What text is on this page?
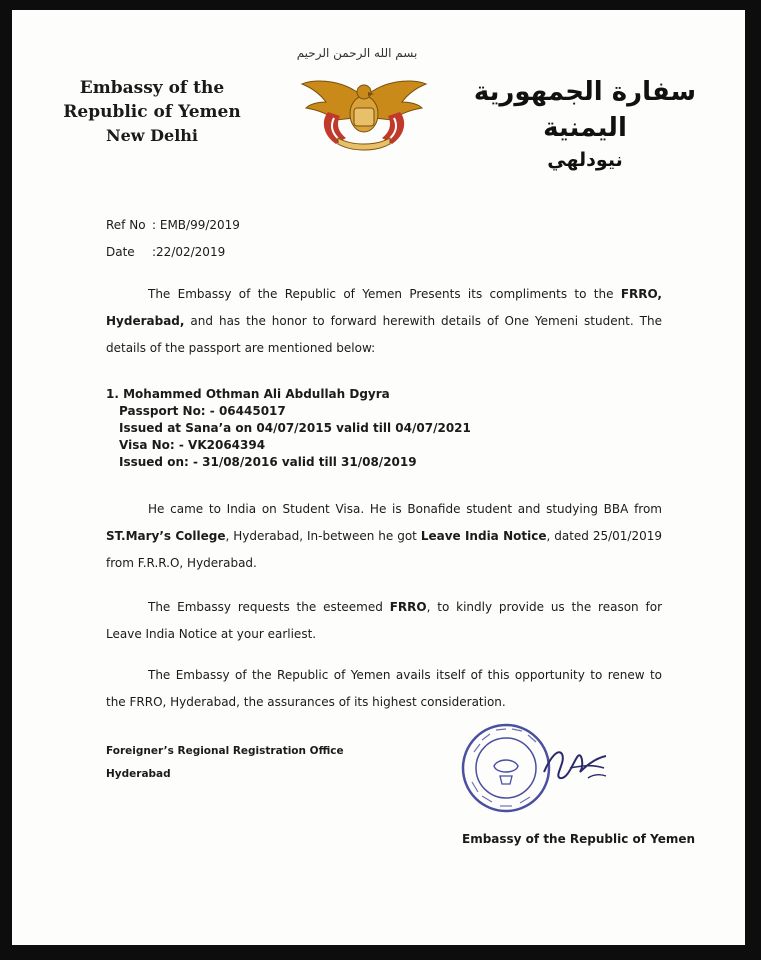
Embassy of the
Republic of Yemen
New Delhi
بسم الله الرحمن الرحيم
سفارة الجمهورية اليمنية
نيودلهي
Ref No : EMB/99/2019
Date	:22/02/2019
The Embassy of the Republic of Yemen Presents its compliments to the FRRO, Hyderabad, and has the honor to forward herewith details of One Yemeni student. The details of the passport are mentioned below:
1. Mohammed Othman Ali Abdullah Dgyra
Passport No: - 06445017
Issued at Sana’a on 04/07/2015 valid till 04/07/2021
Visa No: - VK2064394
Issued on: - 31/08/2016 valid till 31/08/2019
He came to India on Student Visa. He is Bonafide student and studying BBA from ST.Mary’s College, Hyderabad, In-between he got Leave India Notice, dated 25/01/2019 from F.R.R.O, Hyderabad.
The Embassy requests the esteemed FRRO, to kindly provide us the reason for Leave India Notice at your earliest.
The Embassy of the Republic of Yemen avails itself of this opportunity to renew to the FRRO, Hyderabad, the assurances of its highest consideration.
Foreigner’s Regional Registration Office
Hyderabad
Embassy of the Republic of Yemen
